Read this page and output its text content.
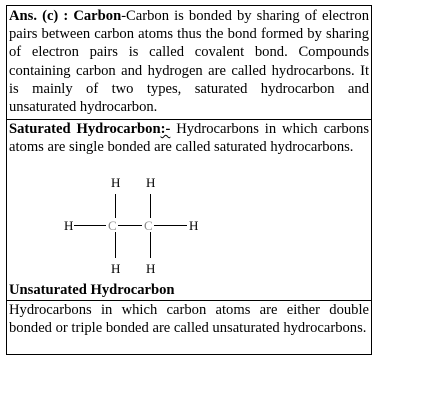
Ans. (c) : Carbon-Carbon is bonded by sharing of electron pairs between carbon atoms thus the bond formed by sharing of electron pairs is called covalent bond. Compounds containing carbon and hydrogen are called hydrocarbons. It is mainly of two types, saturated hydrocarbon and unsaturated hydrocarbon.

Saturated Hydrocarbon:- Hydrocarbons in which carbons atoms are single bonded are called saturated hydrocarbons.

H H
H	C C	H
H H

Unsaturated Hydrocarbon

Hydrocarbons in which carbon atoms are either double bonded or triple bonded are called unsaturated hydrocarbons.
